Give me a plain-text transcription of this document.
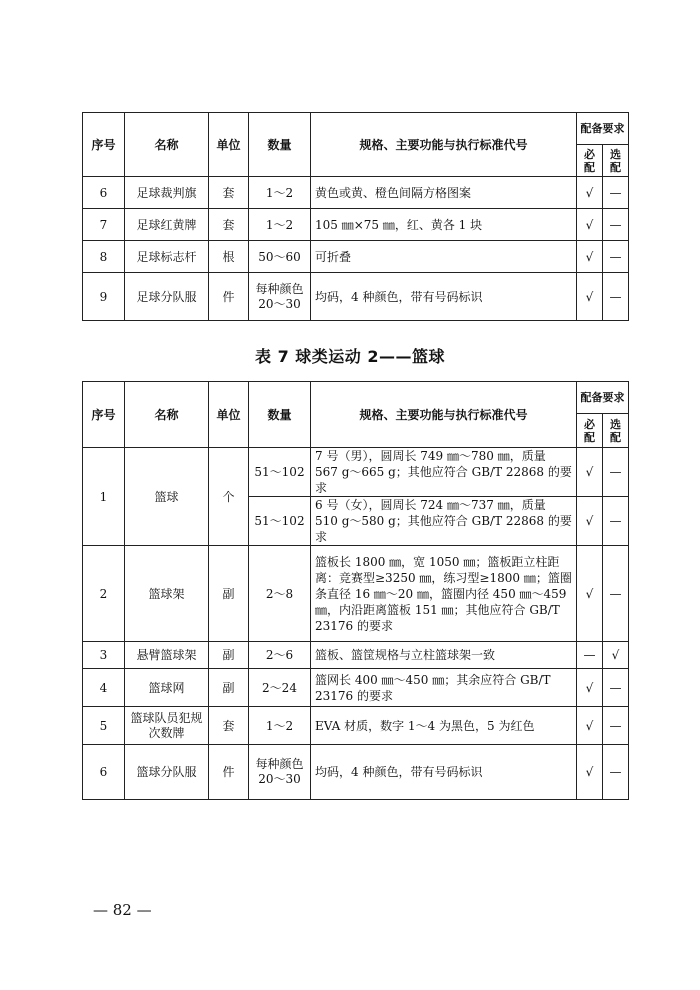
序号	名称	单位	数量	规格、主要功能与执行标准代号	配备要求	
					必配	选配
6	足球裁判旗	套	1～2	黄色或黄、橙色间隔方格图案	√	—
7	足球红黄牌	套	1～2	105 ㎜×75 ㎜，红、黄各 1 块	√	—
8	足球标志杆	根	50～60	可折叠	√	—
9	足球分队服	件	每种颜色 20～30	均码，4 种颜色，带有号码标识	√	—
表 7 球类运动 2——篮球
序号	名称	单位	数量	规格、主要功能与执行标准代号	配备要求	
					必配	选配
1	篮球	个	51～102	7 号（男），圆周长 749 ㎜～780 ㎜，质量 567 g～665 g；其他应符合 GB/T 22868 的要求	√	—
			51～102	6 号（女），圆周长 724 ㎜～737 ㎜，质量 510 g～580 g；其他应符合 GB/T 22868 的要求	√	—
2	篮球架	副	2～8	篮板长 1800 ㎜，宽 1050 ㎜；篮板距立柱距离：竞赛型≥3250 ㎜，练习型≥1800 ㎜；篮圈条直径 16 ㎜～20 ㎜，篮圈内径 450 ㎜～459 ㎜，内沿距离篮板 151 ㎜；其他应符合 GB/T 23176 的要求	√	—
3	悬臂篮球架	副	2～6	篮板、篮筐规格与立柱篮球架一致	—	√
4	篮球网	副	2～24	篮网长 400 ㎜～450 ㎜；其余应符合 GB/T 23176 的要求	√	—
5	篮球队员犯规次数牌	套	1～2	EVA 材质，数字 1～4 为黑色，5 为红色	√	—
6	篮球分队服	件	每种颜色 20～30	均码，4 种颜色，带有号码标识	√	—
— 82 —
